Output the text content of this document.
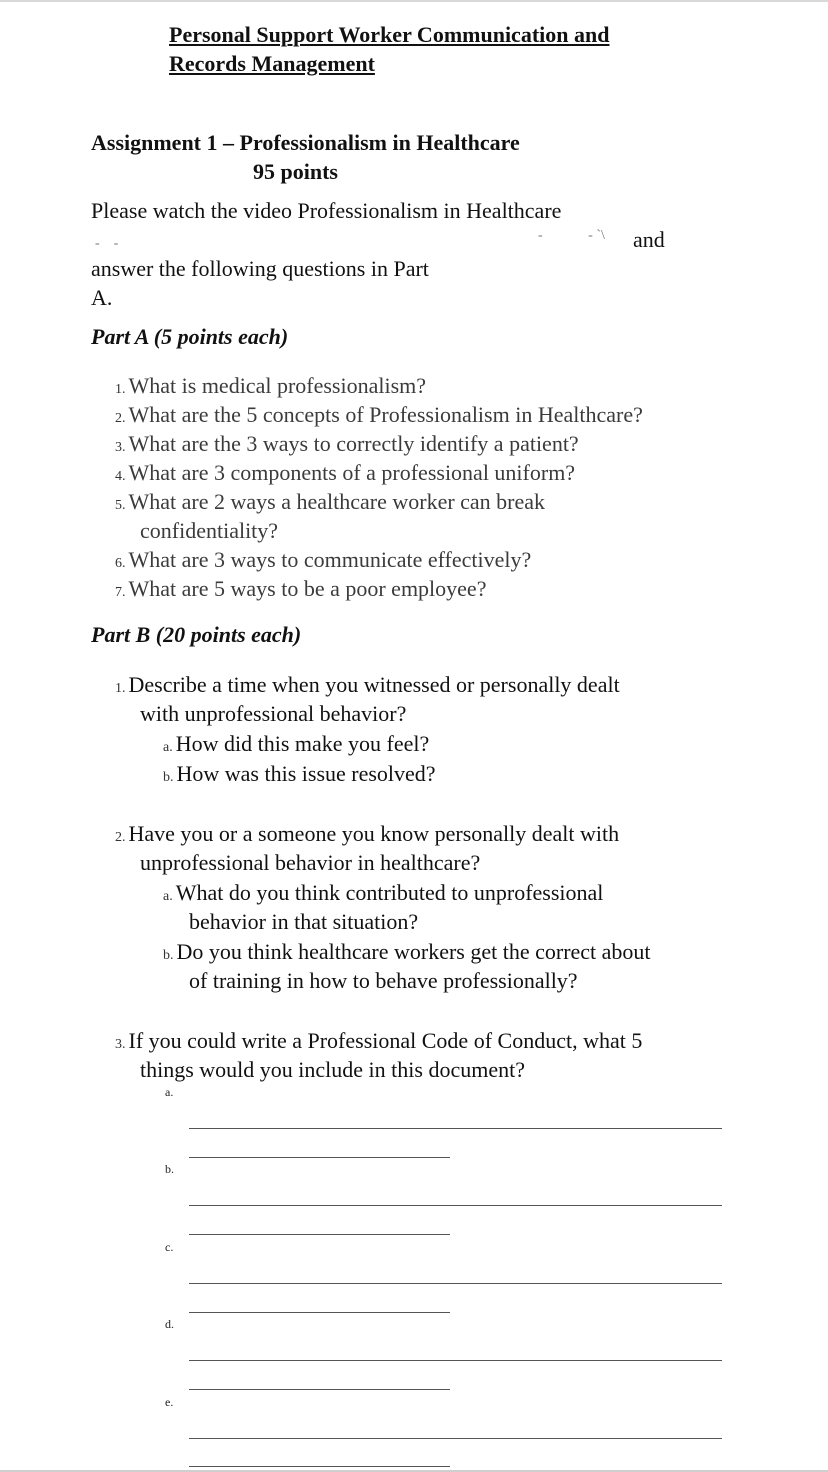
Personal Support Worker Communication and
Records Management
Assignment 1 – Professionalism in Healthcare
95 points
Please watch the video Professionalism in Healthcare
-    -
-             - `\ and
answer the following questions in Part
A.
Part A (5 points each)
1. What is medical professionalism?
2. What are the 5 concepts of Professionalism in Healthcare?
3. What are the 3 ways to correctly identify a patient?
4. What are 3 components of a professional uniform?
5. What are 2 ways a healthcare worker can break
confidentiality?
6. What are 3 ways to communicate effectively?
7. What are 5 ways to be a poor employee?
Part B (20 points each)
1. Describe a time when you witnessed or personally dealt
with unprofessional behavior?
a. How did this make you feel?
b. How was this issue resolved?
2. Have you or a someone you know personally dealt with
unprofessional behavior in healthcare?
a. What do you think contributed to unprofessional
behavior in that situation?
b. Do you think healthcare workers get the correct about
of training in how to behave professionally?
3. If you could write a Professional Code of Conduct, what 5
things would you include in this document?
a.
b.
c.
d.
e.
